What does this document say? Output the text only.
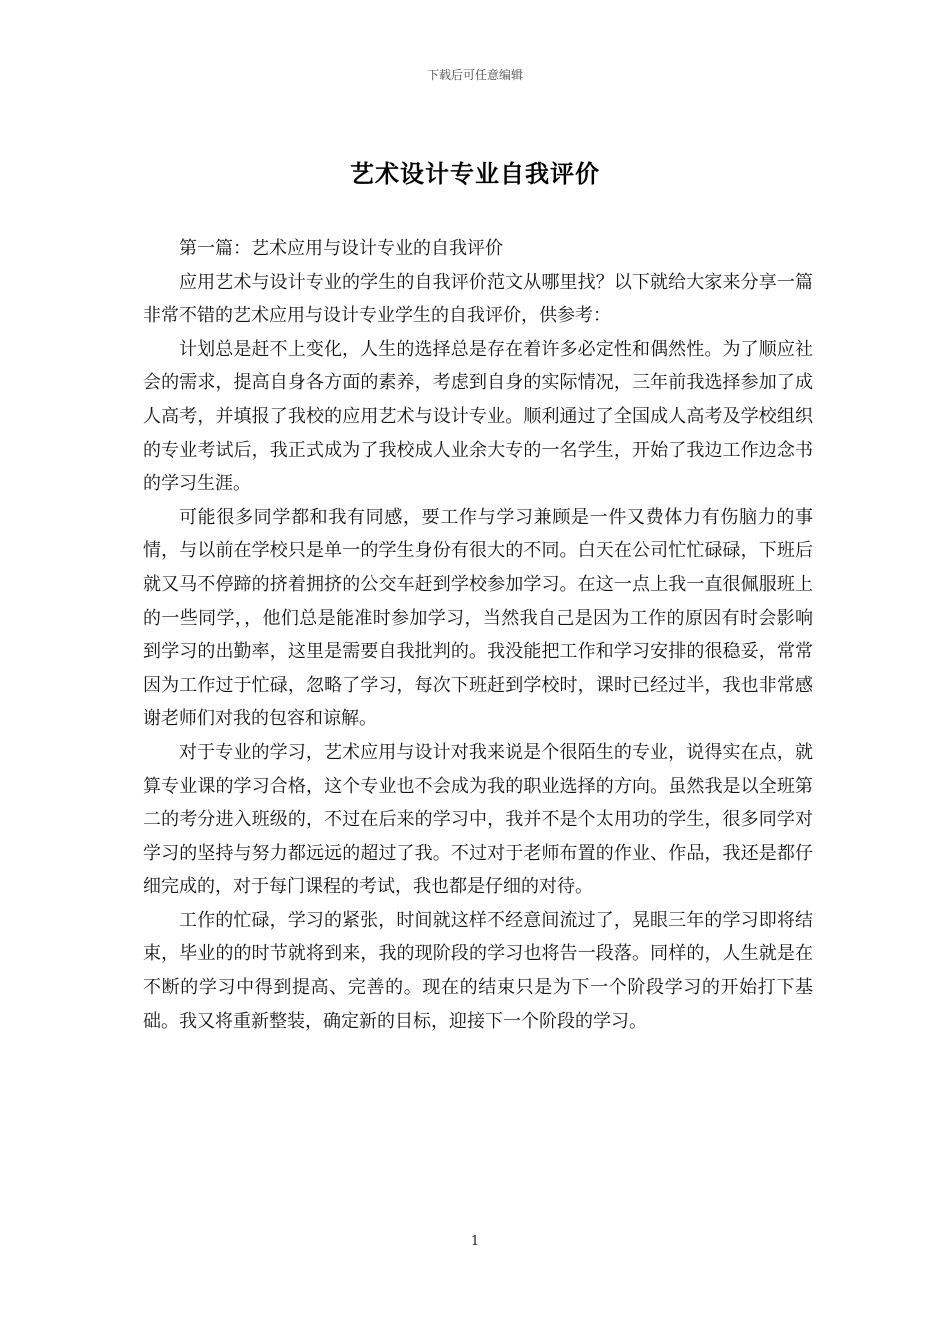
下载后可任意编辑
艺术设计专业自我评价

第一篇：艺术应用与设计专业的自我评价

应用艺术与设计专业的学生的自我评价范文从哪里找？以下就给大家来分享一篇非常不错的艺术应用与设计专业学生的自我评价，供参考：

计划总是赶不上变化，人生的选择总是存在着许多必定性和偶然性。为了顺应社会的需求，提高自身各方面的素养，考虑到自身的实际情况，三年前我选择参加了成人高考，并填报了我校的应用艺术与设计专业。顺利通过了全国成人高考及学校组织的专业考试后，我正式成为了我校成人业余大专的一名学生，开始了我边工作边念书的学习生涯。

可能很多同学都和我有同感，要工作与学习兼顾是一件又费体力有伤脑力的事情，与以前在学校只是单一的学生身份有很大的不同。白天在公司忙忙碌碌，下班后就又马不停蹄的挤着拥挤的公交车赶到学校参加学习。在这一点上我一直很佩服班上的一些同学，，他们总是能准时参加学习，当然我自己是因为工作的原因有时会影响到学习的出勤率，这里是需要自我批判的。我没能把工作和学习安排的很稳妥，常常因为工作过于忙碌，忽略了学习，每次下班赶到学校时，课时已经过半，我也非常感谢老师们对我的包容和谅解。

对于专业的学习，艺术应用与设计对我来说是个很陌生的专业，说得实在点，就算专业课的学习合格，这个专业也不会成为我的职业选择的方向。虽然我是以全班第二的考分进入班级的，不过在后来的学习中，我并不是个太用功的学生，很多同学对学习的坚持与努力都远远的超过了我。不过对于老师布置的作业、作品，我还是都仔细完成的，对于每门课程的考试，我也都是仔细的对待。

工作的忙碌，学习的紧张，时间就这样不经意间流过了，晃眼三年的学习即将结束，毕业的的时节就将到来，我的现阶段的学习也将告一段落。同样的，人生就是在不断的学习中得到提高、完善的。现在的结束只是为下一个阶段学习的开始打下基础。我又将重新整装，确定新的目标，迎接下一个阶段的学习。

1
